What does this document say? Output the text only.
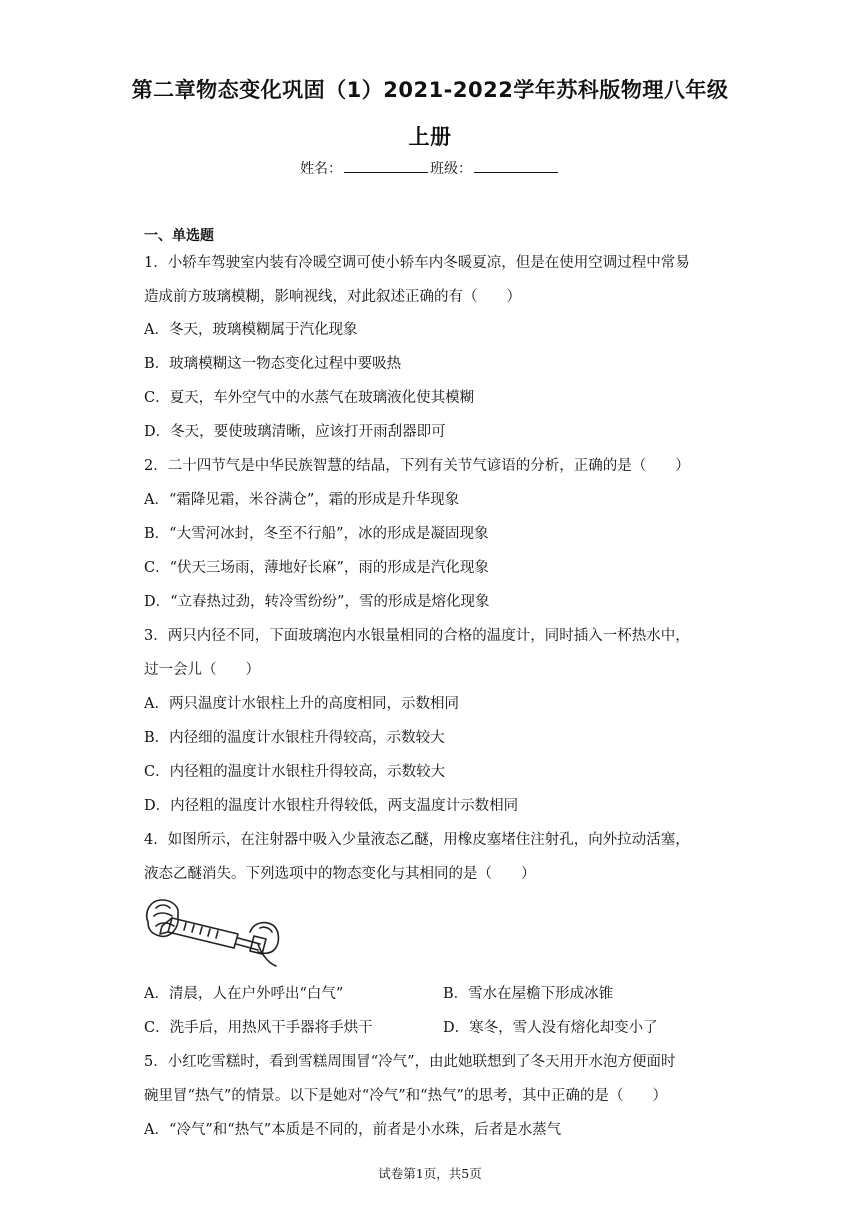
第二章物态变化巩固（1）2021-2022学年苏科版物理八年级
上册
姓名：	班级：
一、单选题
1．小轿车驾驶室内装有冷暖空调可使小轿车内冬暖夏凉，但是在使用空调过程中常易
造成前方玻璃模糊，影响视线，对此叙述正确的有（　　）
A．冬天，玻璃模糊属于汽化现象
B．玻璃模糊这一物态变化过程中要吸热
C．夏天，车外空气中的水蒸气在玻璃液化使其模糊
D．冬天，要使玻璃清晰，应该打开雨刮器即可
2．二十四节气是中华民族智慧的结晶，下列有关节气谚语的分析，正确的是（　　）
A．“霜降见霜，米谷满仓”，霜的形成是升华现象
B．“大雪河冰封，冬至不行船”，冰的形成是凝固现象
C．“伏天三场雨，薄地好长麻”，雨的形成是汽化现象
D．“立春热过劲，转冷雪纷纷”，雪的形成是熔化现象
3．两只内径不同，下面玻璃泡内水银量相同的合格的温度计，同时插入一杯热水中，
过一会儿（　　）
A．两只温度计水银柱上升的高度相同，示数相同
B．内径细的温度计水银柱升得较高，示数较大
C．内径粗的温度计水银柱升得较高，示数较大
D．内径粗的温度计水银柱升得较低，两支温度计示数相同
4．如图所示，在注射器中吸入少量液态乙醚，用橡皮塞堵住注射孔，向外拉动活塞，
液态乙醚消失。下列选项中的物态变化与其相同的是（　　）
A．清晨，人在户外呼出“白气”	B．雪水在屋檐下形成冰锥
C．洗手后，用热风干手器将手烘干	D．寒冬，雪人没有熔化却变小了
5．小红吃雪糕时，看到雪糕周围冒“冷气”，由此她联想到了冬天用开水泡方便面时
碗里冒“热气”的情景。以下是她对“冷气”和“热气”的思考，其中正确的是（　　）
A．“冷气”和“热气”本质是不同的，前者是小水珠，后者是水蒸气
试卷第1页，共5页
